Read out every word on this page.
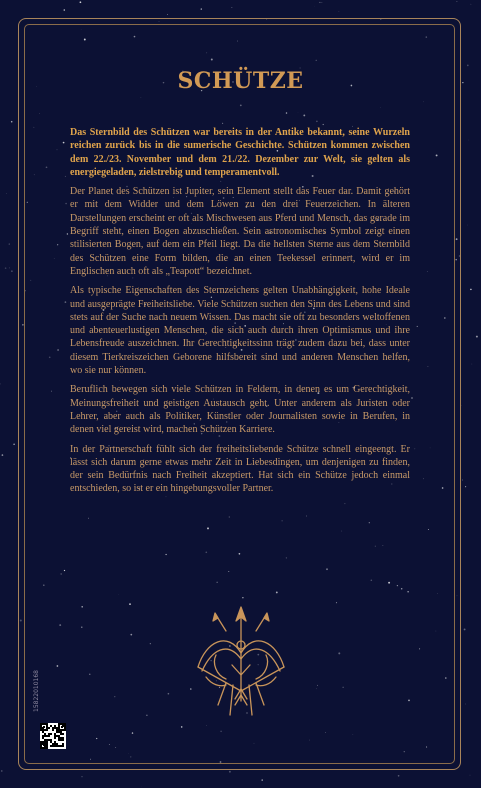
SCHÜTZE

Das Sternbild des Schützen war bereits in der Antike bekannt, seine Wurzeln reichen zurück bis in die sumerische Geschichte. Schützen kommen zwischen dem 22./23. November und dem 21./22. Dezember zur Welt, sie gelten als energiegeladen, zielstrebig und temperamentvoll.

Der Planet des Schützen ist Jupiter, sein Element stellt das Feuer dar. Damit gehört er mit dem Widder und dem Löwen zu den drei Feuerzeichen. In älteren Darstellungen erscheint er oft als Mischwesen aus Pferd und Mensch, das gerade im Begriff steht, einen Bogen abzuschießen. Sein astronomisches Symbol zeigt einen stilisierten Bogen, auf dem ein Pfeil liegt. Da die hellsten Sterne aus dem Sternbild des Schützen eine Form bilden, die an einen Teekessel erinnert, wird er im Englischen auch oft als „Teapott“ bezeichnet.

Als typische Eigenschaften des Sternzeichens gelten Unabhängigkeit, hohe Ideale und ausgeprägte Freiheitsliebe. Viele Schützen suchen den Sinn des Lebens und sind stets auf der Suche nach neuem Wissen. Das macht sie oft zu besonders weltoffenen und abenteuerlustigen Menschen, die sich auch durch ihren Optimismus und ihre Lebensfreude auszeichnen. Ihr Gerechtigkeitssinn trägt zudem dazu bei, dass unter diesem Tierkreiszeichen Geborene hilfsbereit sind und anderen Menschen helfen, wo sie nur können.

Beruflich bewegen sich viele Schützen in Feldern, in denen es um Gerechtigkeit, Meinungsfreiheit und geistigen Austausch geht. Unter anderem als Juristen oder Lehrer, aber auch als Politiker, Künstler oder Journalisten sowie in Berufen, in denen viel gereist wird, machen Schützen Karriere.

In der Partnerschaft fühlt sich der freiheitsliebende Schütze schnell eingeengt. Er lässt sich darum gerne etwas mehr Zeit in Liebesdingen, um denjenigen zu finden, der sein Bedürfnis nach Freiheit akzeptiert. Hat sich ein Schütze jedoch einmal entschieden, so ist er ein hingebungsvoller Partner.

15822010168
